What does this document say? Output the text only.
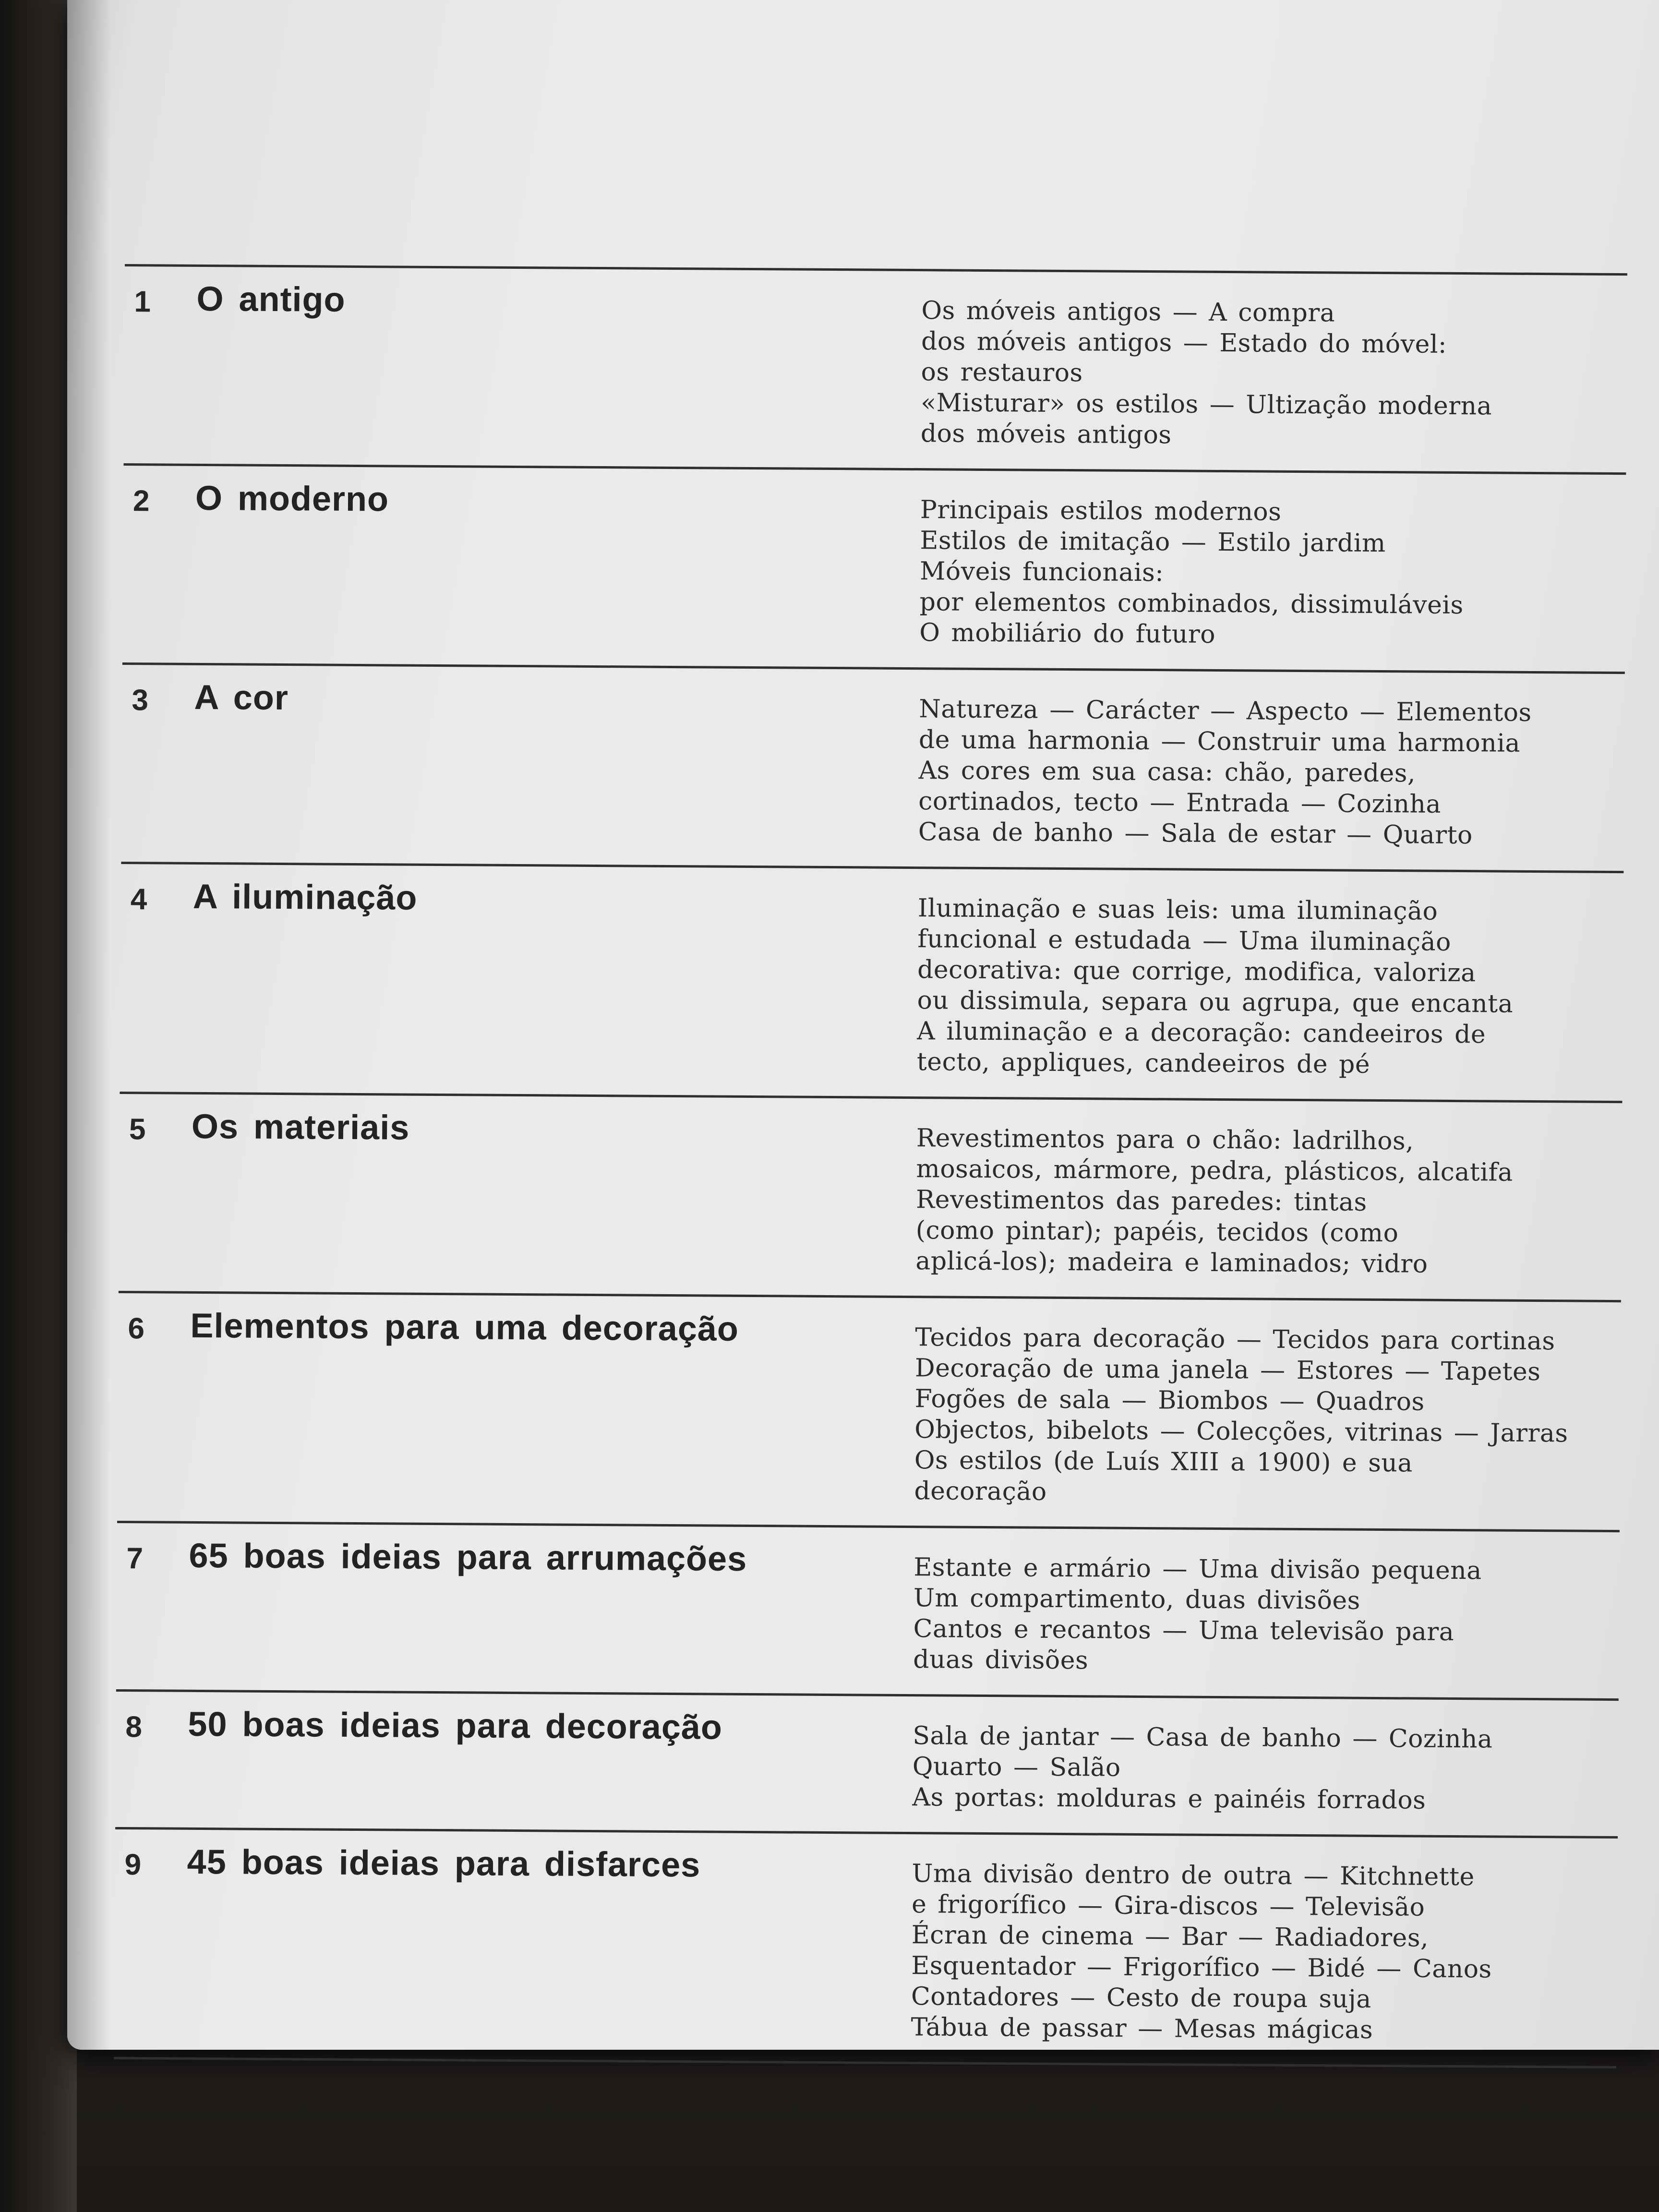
1	O antigo	Os móveis antigos — A compra
dos móveis antigos — Estado do móvel:
os restauros
«Misturar» os estilos — Ultização moderna
dos móveis antigos
2	O moderno	Principais estilos modernos
Estilos de imitação — Estilo jardim
Móveis funcionais:
por elementos combinados, dissimuláveis
O mobiliário do futuro
3	A cor	Natureza — Carácter — Aspecto — Elementos
de uma harmonia — Construir uma harmonia
As cores em sua casa: chão, paredes,
cortinados, tecto — Entrada — Cozinha
Casa de banho — Sala de estar — Quarto
4	A iluminação	Iluminação e suas leis: uma iluminação
funcional e estudada — Uma iluminação
decorativa: que corrige, modifica, valoriza
ou dissimula, separa ou agrupa, que encanta
A iluminação e a decoração: candeeiros de
tecto, appliques, candeeiros de pé
5	Os materiais	Revestimentos para o chão: ladrilhos,
mosaicos, mármore, pedra, plásticos, alcatifa
Revestimentos das paredes: tintas
(como pintar); papéis, tecidos (como
aplicá-los); madeira e laminados; vidro
6	Elementos para uma decoração	Tecidos para decoração — Tecidos para cortinas
Decoração de uma janela — Estores — Tapetes
Fogões de sala — Biombos — Quadros
Objectos, bibelots — Colecções, vitrinas — Jarras
Os estilos (de Luís XIII a 1900) e sua
decoração
7	65 boas ideias para arrumações	Estante e armário — Uma divisão pequena
Um compartimento, duas divisões
Cantos e recantos — Uma televisão para
duas divisões
8	50 boas ideias para decoração	Sala de jantar — Casa de banho — Cozinha
Quarto — Salão
As portas: molduras e painéis forrados
9	45 boas ideias para disfarces	Uma divisão dentro de outra — Kitchnette
e frigorífico — Gira-discos — Televisão
Écran de cinema — Bar — Radiadores,
Esquentador — Frigorífico — Bidé — Canos
Contadores — Cesto de roupa suja
Tábua de passar — Mesas mágicas
